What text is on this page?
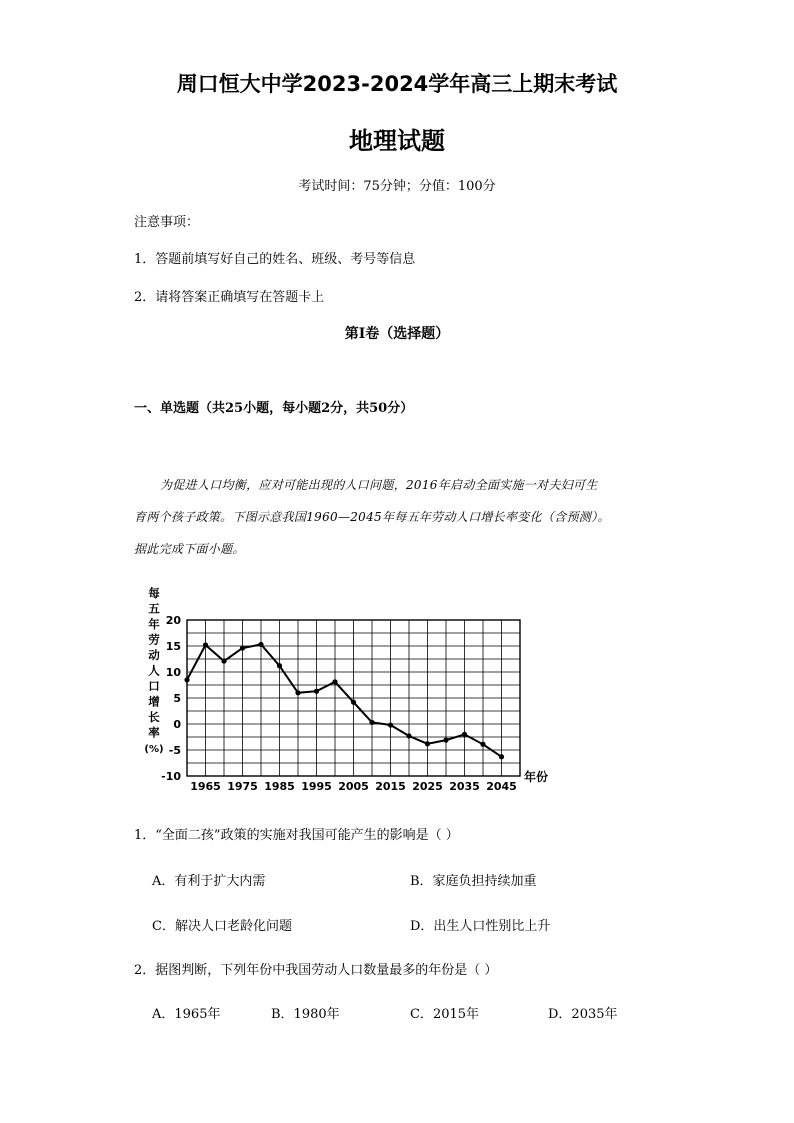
周口恒大中学2023-2024学年高三上期末考试
地理试题
考试时间：75分钟；分值：100分
注意事项：
1．答题前填写好自己的姓名、班级、考号等信息
2．请将答案正确填写在答题卡上
第I卷（选择题）
一、单选题（共25小题，每小题2分，共50分）
为促进人口均衡，应对可能出现的人口问题，2016年启动全面实施一对夫妇可生
育两个孩子政策。下图示意我国1960—2045年每五年劳动人口增长率变化（含预测）。
据此完成下面小题。
每
五
年
劳
动
人
口
增
长
率
(%)
20
15
10
5
0
-5
-10
1965 1975 1985 1995 2005 2015 2025 2035 2045
年份
1．“全面二孩”政策的实施对我国可能产生的影响是（ ）
A．有利于扩大内需	B．家庭负担持续加重
C．解决人口老龄化问题	D．出生人口性别比上升
2．据图判断，下列年份中我国劳动人口数量最多的年份是（ ）
A．1965年	B．1980年	C．2015年	D．2035年
